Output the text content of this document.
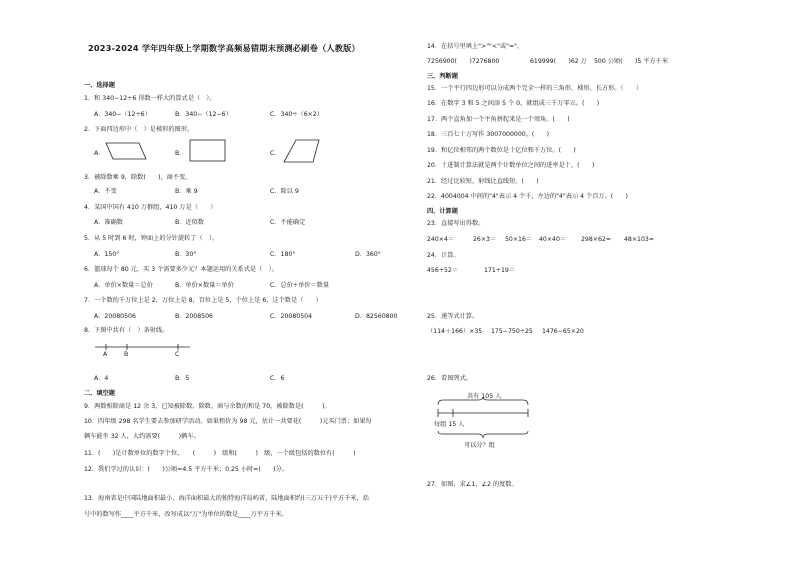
2023-2024 学年四年级上学期数学高频易错期末预测必刷卷（人教版）
一、选择题
1．和 340−12÷6 得数一样大的算式是（　）。
A．340−（12÷6）	B．340−（12−6）	C．340÷（6×2）
2．下面四边形中（　）是梯形的图形。
A．	B．	C．
3．被除数乘 9，除数(　　)，商不变。
A．不变	B．乘 9	C．除以 9
4．某国中国有 410 万群组，410 万是（　　）
A．准确数	B．近似数	C．不能确定
5．从 5 时到 6 时，钟面上的分针旋转了（　）。
A．150°	B．30°	C．180°	D．360°
6．篮球每个 80 元，买 3 个需要多少元？本题运用的关系式是（　）。
A．单价×数量＝总价	B．单价×数量＝单价	C．总价÷单价＝数量
7．一个数的千万位上是 2，万位上是 8，百位上是 5，个位上是 6，这个数是（　　）
A．20080506	B．2008506	C．20080504	D．82560800
8．下图中共有（　）条射线。
A	B	C
A．4	B．5	C．6
二、填空题
9．两数相除商是 12 余 3，已知被除数、除数、商与余数的和是 70，被除数是(　　　)。
10．四年级 298 名学生要去参加研学活动。如果租价为 98 元，估计一共要花(　　　)元买门票；如果每
辆车能坐 32 人，大约需要(　　　)辆车。
11．(　　)是计数单位的数字个位、　　(　　　)　级和(　　　)　级，一个级包括的数位有(　　　)
12．我们学过的认识：(　　)公顷=4.5 平方千米；0.25 小时=(　　)分。
13．海南省是中国陆地面积最小，海洋面积最大的独特海洋岛屿省，陆地面积约(三万五千)平方千米，括
号中的数写作____平方千米，改写成以"万"为单位的数是____万平方千米。
14．在括号里填上">""<"或"="。
7256900(　　)7276800	619999(　　)62 万 500 公顷(　　)5 平方千米
三、判断题
15．一个平行四边形可以分成两个完全一样的三角形、梯形、长方形。（　　）
16．在数字 3 和 5 之间添 5 个 0，就组成三千万零五。(　　)
17．两个直角加一个平角拼起来是一个周角。(　　)
18．三百七十万写作 3007000000。(　　)
19．和亿位相邻的两个数位是十亿位和千万位。(　　)
20．十进制计算法就是两个计数单位之间的进率是十。(　　)
21．经过比较短，射线比直线短。(　　)
22．4004004 中间的"4"表示 4 个千，左边的"4"表示 4 个百万。(　　)
四、计算题
23．直接写出得数。
240×4＝	26×3＝ 50×16＝ 40×40＝ 298×62≈ 48×103≈
24．计算。
456÷52＝	171÷19＝
25．递等式计算。
（114＋166）×35 175−750÷25 1476−65×20
26．看图列式。
共有 105 人
每组 15 人
可以分？组
27．如图，求∠1、∠2 的度数。
